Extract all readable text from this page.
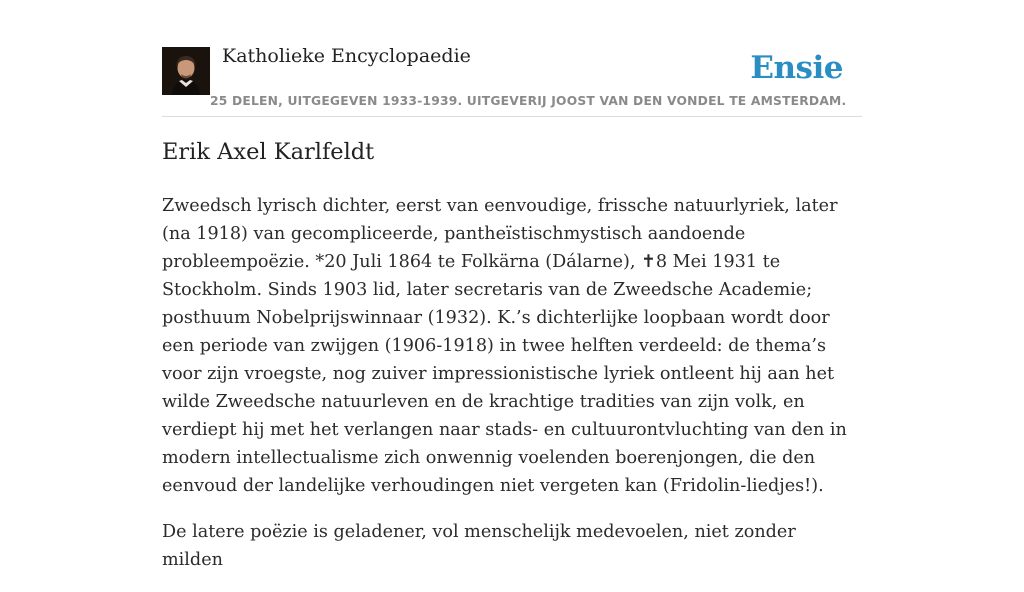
Katholieke Encyclopaedie	Ensie
25 DELEN, UITGEGEVEN 1933-1939. UITGEVERIJ JOOST VAN DEN VONDEL TE AMSTERDAM.
Erik Axel Karlfeldt

Zweedsch lyrisch dichter, eerst van eenvoudige, frissche natuurlyriek, later (na 1918) van gecompliceerde, pantheïstischmystisch aandoende probleempoëzie. *20 Juli 1864 te Folkärna (Dálarne), ✝8 Mei 1931 te Stockholm. Sinds 1903 lid, later secretaris van de Zweedsche Academie; posthuum Nobelprijswinnaar (1932). K.’s dichterlijke loopbaan wordt door een periode van zwijgen (1906-1918) in twee helften verdeeld: de thema’s voor zijn vroegste, nog zuiver impressionistische lyriek ontleent hij aan het wilde Zweedsche natuurleven en de krachtige tradities van zijn volk, en verdiept hij met het verlangen naar stads- en cultuurontvluchting van den in modern intellectualisme zich onwennig voelenden boerenjongen, die den eenvoud der landelijke verhoudingen niet vergeten kan (Fridolin-liedjes!).

De latere poëzie is geladener, vol menschelijk medevoelen, niet zonder milden
